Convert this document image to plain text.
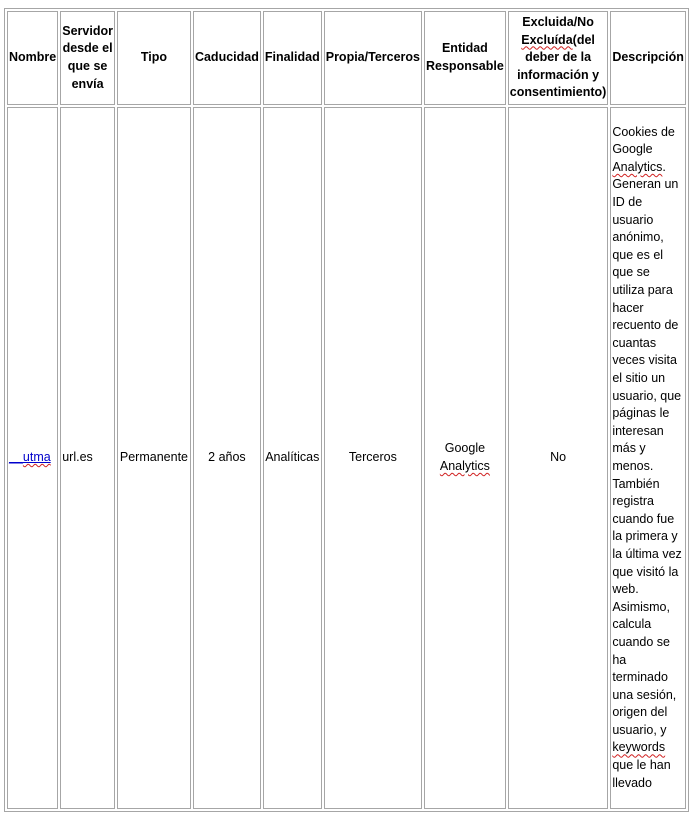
Nombre	Servidor desde el que se envía	Tipo	Caducidad	Finalidad	Propia/Terceros	Entidad Responsable	Excluida/No Excluída(del deber de la información y consentimiento)	Descripción
__utma	url.es	Permanente	2 años	Analíticas	Terceros	Google Analytics	No	Cookies de Google Analytics. Generan un ID de usuario anónimo, que es el que se utiliza para hacer recuento de cuantas veces visita el sitio un usuario, que páginas le interesan más y menos. También registra cuando fue la primera y la última vez que visitó la web. Asimismo, calcula cuando se ha terminado una sesión, origen del usuario, y keywords que le han llevado
